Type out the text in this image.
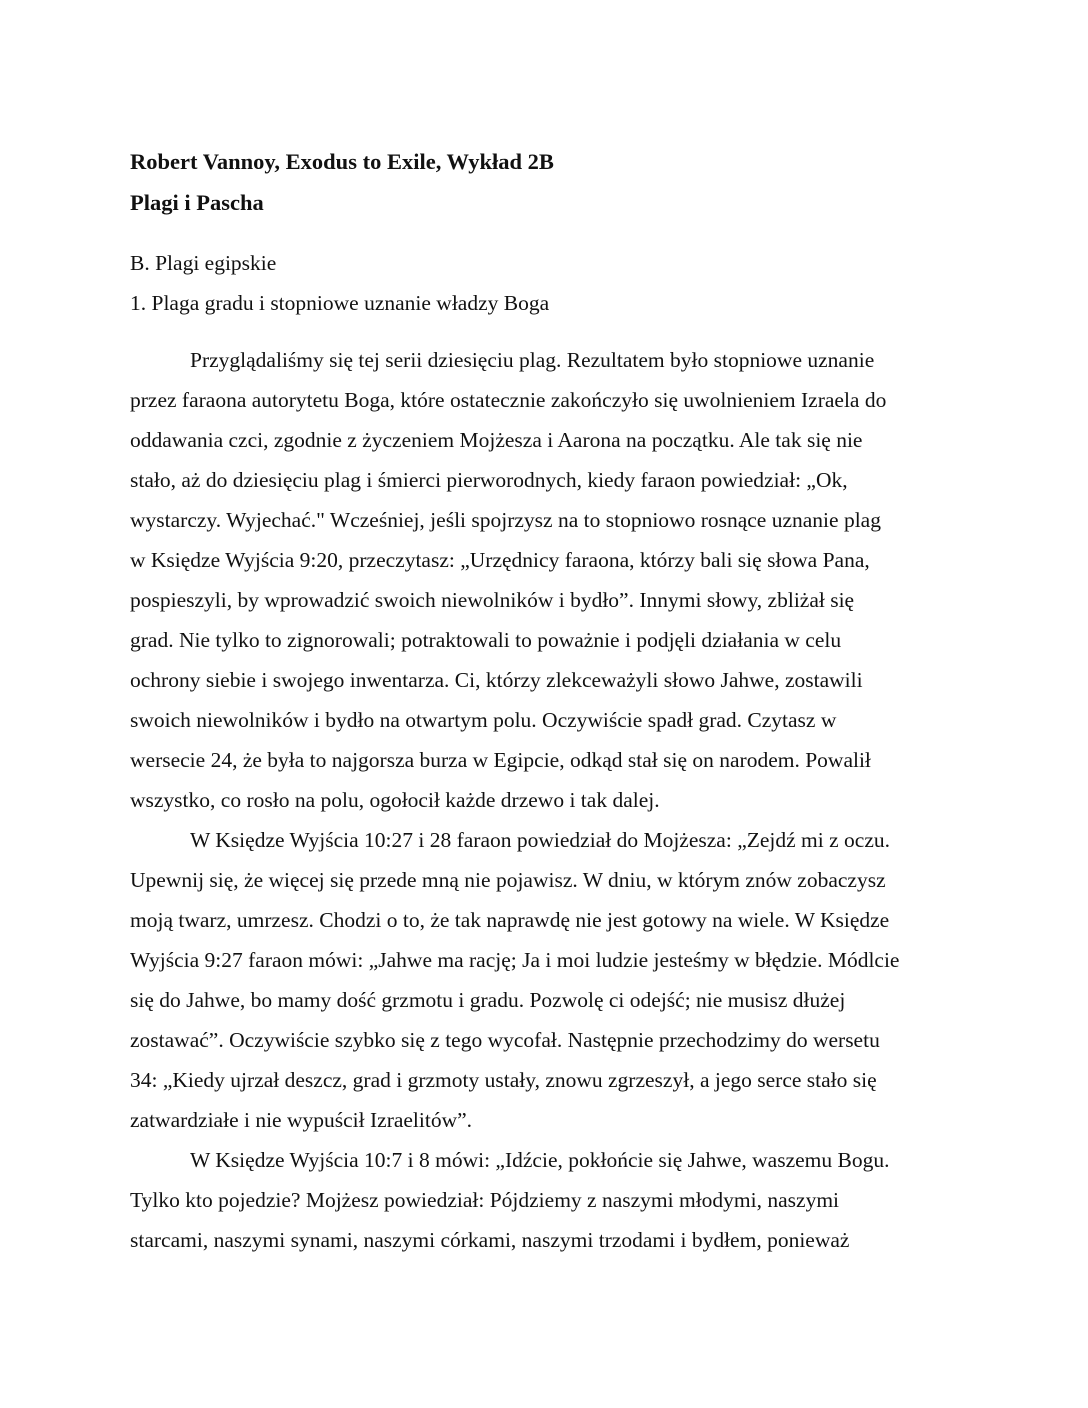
Robert Vannoy, Exodus to Exile, Wykład 2B

Plagi i Pascha

B. Plagi egipskie

1. Plaga gradu i stopniowe uznanie władzy Boga

Przyglądaliśmy się tej serii dziesięciu plag. Rezultatem było stopniowe uznanie
przez faraona autorytetu Boga, które ostatecznie zakończyło się uwolnieniem Izraela do
oddawania czci, zgodnie z życzeniem Mojżesza i Aarona na początku. Ale tak się nie
stało, aż do dziesięciu plag i śmierci pierworodnych, kiedy faraon powiedział: „Ok,
wystarczy. Wyjechać." Wcześniej, jeśli spojrzysz na to stopniowo rosnące uznanie plag
w Księdze Wyjścia 9:20, przeczytasz: „Urzędnicy faraona, którzy bali się słowa Pana,
pospieszyli, by wprowadzić swoich niewolników i bydło”. Innymi słowy, zbliżał się
grad. Nie tylko to zignorowali; potraktowali to poważnie i podjęli działania w celu
ochrony siebie i swojego inwentarza. Ci, którzy zlekceważyli słowo Jahwe, zostawili
swoich niewolników i bydło na otwartym polu. Oczywiście spadł grad. Czytasz w
wersecie 24, że była to najgorsza burza w Egipcie, odkąd stał się on narodem. Powalił
wszystko, co rosło na polu, ogołocił każde drzewo i tak dalej.
W Księdze Wyjścia 10:27 i 28 faraon powiedział do Mojżesza: „Zejdź mi z oczu.
Upewnij się, że więcej się przede mną nie pojawisz. W dniu, w którym znów zobaczysz
moją twarz, umrzesz. Chodzi o to, że tak naprawdę nie jest gotowy na wiele. W Księdze
Wyjścia 9:27 faraon mówi: „Jahwe ma rację; Ja i moi ludzie jesteśmy w błędzie. Módlcie
się do Jahwe, bo mamy dość grzmotu i gradu. Pozwolę ci odejść; nie musisz dłużej
zostawać”. Oczywiście szybko się z tego wycofał. Następnie przechodzimy do wersetu
34: „Kiedy ujrzał deszcz, grad i grzmoty ustały, znowu zgrzeszył, a jego serce stało się
zatwardziałe i nie wypuścił Izraelitów”.
W Księdze Wyjścia 10:7 i 8 mówi: „Idźcie, pokłońcie się Jahwe, waszemu Bogu.
Tylko kto pojedzie? Mojżesz powiedział: Pójdziemy z naszymi młodymi, naszymi
starcami, naszymi synami, naszymi córkami, naszymi trzodami i bydłem, ponieważ
